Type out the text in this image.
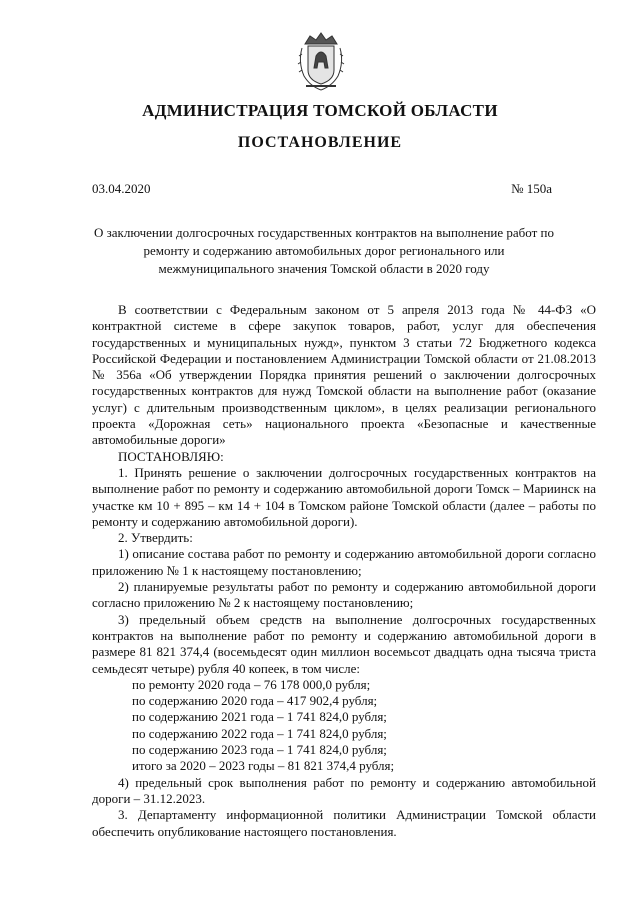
АДМИНИСТРАЦИЯ ТОМСКОЙ ОБЛАСТИ
ПОСТАНОВЛЕНИЕ
03.04.2020	№ 150а
О заключении долгосрочных государственных контрактов на выполнение работ по ремонту и содержанию автомобильных дорог регионального или межмуниципального значения Томской области в 2020 году

В соответствии с Федеральным законом от 5 апреля 2013 года № 44-ФЗ «О контрактной системе в сфере закупок товаров, работ, услуг для обеспечения государственных и муниципальных нужд», пунктом 3 статьи 72 Бюджетного кодекса Российской Федерации и постановлением Администрации Томской области от 21.08.2013 № 356а «Об утверждении Порядка принятия решений о заключении долгосрочных государственных контрактов для нужд Томской области на выполнение работ (оказание услуг) с длительным производственным циклом», в целях реализации регионального проекта «Дорожная сеть» национального проекта «Безопасные и качественные автомобильные дороги»

ПОСТАНОВЛЯЮ:

1. Принять решение о заключении долгосрочных государственных контрактов на выполнение работ по ремонту и содержанию автомобильной дороги Томск – Мариинск на участке км 10 + 895 – км 14 + 104 в Томском районе Томской области (далее – работы по ремонту и содержанию автомобильной дороги).

2. Утвердить:

1) описание состава работ по ремонту и содержанию автомобильной дороги согласно приложению № 1 к настоящему постановлению;

2) планируемые результаты работ по ремонту и содержанию автомобильной дороги согласно приложению № 2 к настоящему постановлению;

3) предельный объем средств на выполнение долгосрочных государственных контрактов на выполнение работ по ремонту и содержанию автомобильной дороги в размере 81 821 374,4 (восемьдесят один миллион восемьсот двадцать одна тысяча триста семьдесят четыре) рубля 40 копеек, в том числе:

по ремонту 2020 года – 76 178 000,0 рубля;

по содержанию 2020 года – 417 902,4 рубля;

по содержанию 2021 года – 1 741 824,0 рубля;

по содержанию 2022 года – 1 741 824,0 рубля;

по содержанию 2023 года – 1 741 824,0 рубля;

итого за 2020 – 2023 годы – 81 821 374,4 рубля;

4) предельный срок выполнения работ по ремонту и содержанию автомобильной дороги – 31.12.2023.

3. Департаменту информационной политики Администрации Томской области обеспечить опубликование настоящего постановления.
